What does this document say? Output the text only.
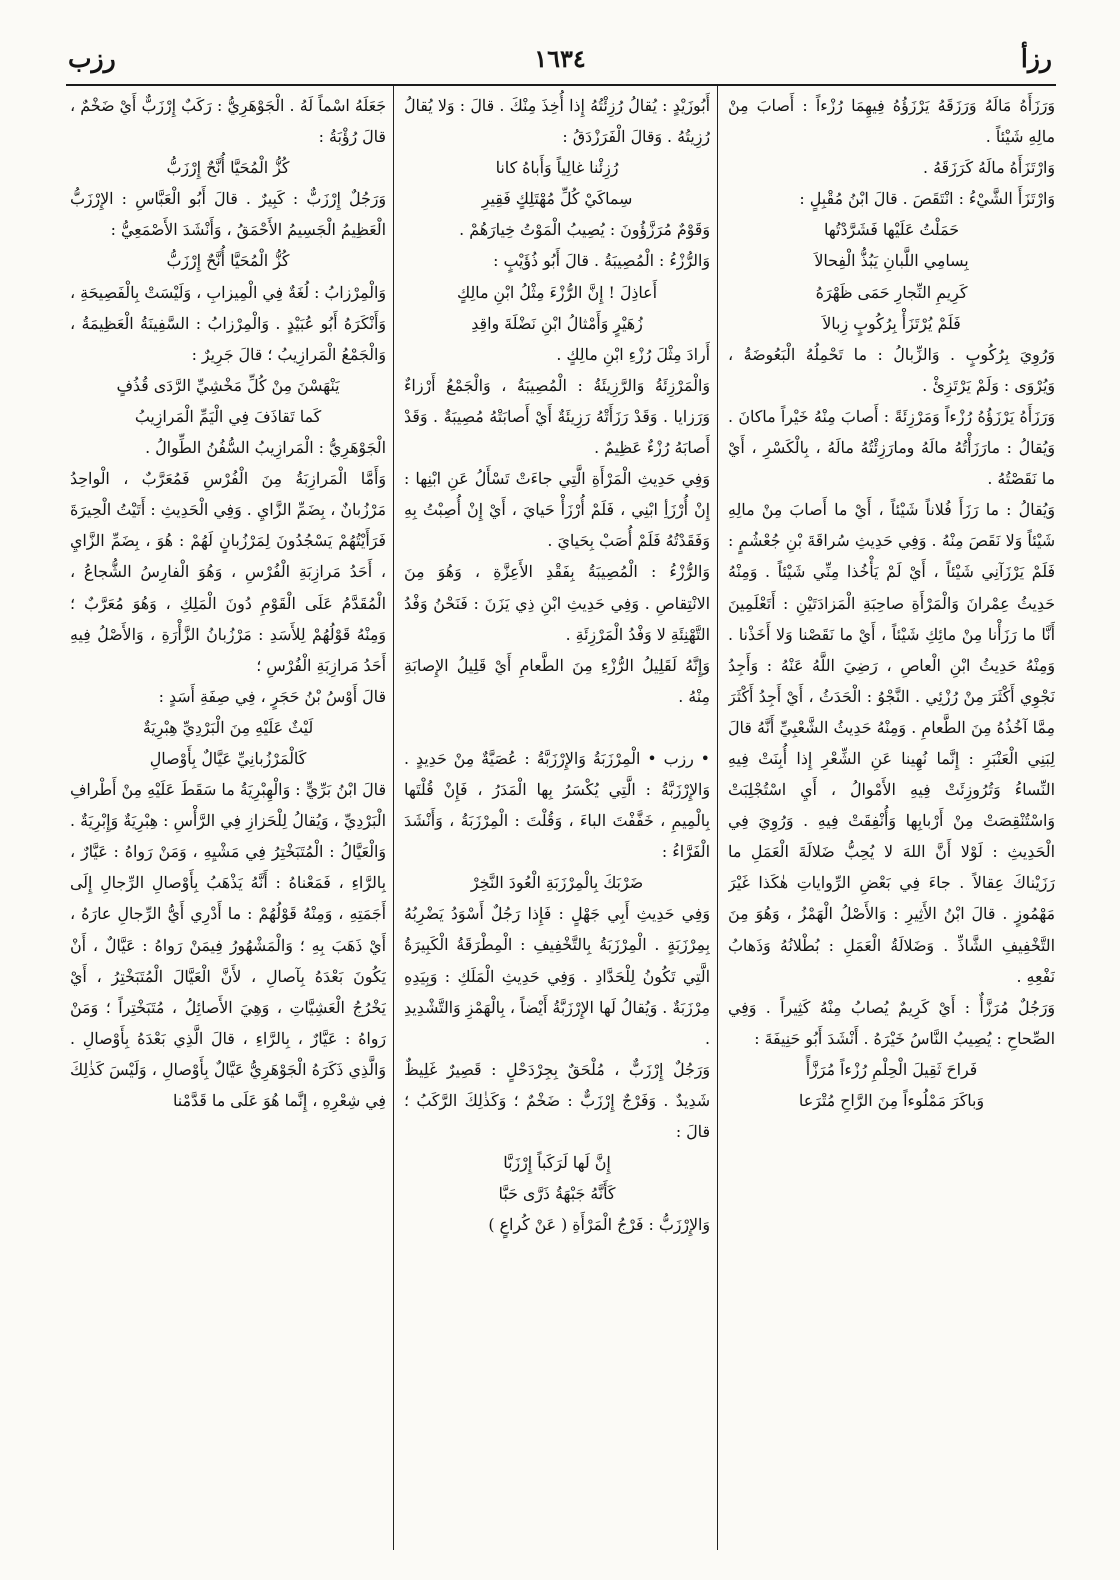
رزأ
١٦٣٤
رزب

وَرَزَأَهُ مَالَهُ وَرَزَقَهُ يَرْزَؤُهُ فِيهِمَا رُزْءاً : أَصابَ مِنْ مالِهِ شَيْئاً .

وَارْتَزَأَهُ مالَهُ كَرَزَقَهُ .

وَارْتَزَأَ الشَّيْءُ : انْتَقَصَ . قالَ ابْنُ مُقْبِلٍ :

حَمَلْتُ عَلَيْها فَشَرَّدْتُها

بِسامِي اللَّبانِ يَبُذُّ الْفِحالاَ

كَرِيمِ النِّجارِ حَمَى ظَهْرَهُ

فَلَمْ يُرْتَزَأْ بِرُكُوبٍ زِبالاَ

وَرُوِيَ بِرُكُوبٍ . وَالزِّبالُ : ما تَحْمِلُهُ الْبَعُوضَةُ ، وَيُرْوَى : وَلَمْ يَرْتَزِئْ .

وَرَزَأَهُ يَرْزَؤُهُ رُزْءاً وَمَرْزِئَةً : أَصابَ مِنْهُ خَيْراً ماكانَ . وَيُقالُ : مارَزَأْتُهُ مالَهُ ومارَزِئْتُهُ مالَهُ ، بِالْكَسْرِ ، أَيْ ما نَقَصْتُهُ .

وَيُقالُ : ما رَزَأَ فُلاناً شَيْئاً ، أَيْ ما أَصابَ مِنْ مالِهِ شَيْئاً وَلا نَقَصَ مِنْهُ . وَفِي حَدِيثِ سُراقَةَ بْنِ جُعْشُمٍ : فَلَمْ يَرْزَآنِي شَيْئاً ، أَيْ لَمْ يَأْخُذا مِنِّي شَيْئاً . وَمِنْهُ حَدِيثُ عِمْرانَ وَالْمَرْأَةِ صاحِبَةِ الْمَزادَتَيْنِ : أَتَعْلَمِينَ أَنَّا ما رَزَأْنا مِنْ مائِكِ شَيْئاً ، أَيْ ما نَقَصْنا وَلا أَخَذْنا . وَمِنْهُ حَدِيثُ ابْنِ الْعاصِ ، رَضِيَ اللَّهُ عَنْهُ : وَأَجِدُ نَجْوِي أَكْثَرَ مِنْ رُزْئِي . النَّجْوُ : الْحَدَثُ ، أَيْ أَجِدُ أَكْثَرَ مِمَّا آخُذُهُ مِنَ الطَّعامِ . وَمِنْهُ حَدِيثُ الشَّعْبِيِّ أَنَّهُ قالَ لِبَنِي الْعَنْبَرِ : إِنَّما نُهِينا عَنِ الشِّعْرِ إِذا أُبِنَتْ فِيهِ النِّساءُ وَتُرُوزِئَتْ فِيهِ الأَمْوالُ ، أَيِ اسْتُجْلِبَتْ وَاسْتُنْقِصَتْ مِنْ أَرْبابِها وَأُنْفِقَتْ فِيهِ . وَرُوِيَ فِي الْحَدِيثِ : لَوْلا أَنَّ اللهَ لا يُحِبُّ ضَلالَةَ الْعَمَلِ ما رَزَيْناكَ عِقالاً . جاءَ فِي بَعْضِ الرِّواياتِ هٰكَذا غَيْرَ مَهْمُوزٍ . قالَ ابْنُ الأَثِيرِ : وَالأَصْلُ الْهَمْزُ ، وَهُوَ مِنَ التَّخْفِيفِ الشَّاذِّ . وَضَلالَةُ الْعَمَلِ : بُطْلانُهُ وَذَهابُ نَفْعِهِ .

وَرَجُلٌ مُرَزَّأٌ : أَيْ كَرِيمٌ يُصابُ مِنْهُ كَثِيراً . وَفِي الصِّحاحِ : يُصِيبُ النَّاسُ خَيْرَهُ . أَنْشَدَ أَبُو حَنِيفَةَ :

فَراحَ ثَقِيلَ الْحِلْمِ رُزْءاً مُرَزَّأً

وَباكَرَ مَمْلُوءاً مِنَ الرَّاحِ مُتْرَعا

أَبُوزَيْدٍ : يُقالُ رُزِئْتُهُ إِذا أُخِذَ مِنْكَ . قالَ : وَلا يُقالُ رُزِيتُهُ . وَقالَ الْفَرَزْدَقُ :

رُزِئْنا غالِياً وَأَباهُ كانا

سِماكَيْ كُلِّ مُهْتَلِكٍ فَقِيرِ

وَقَوْمٌ مُرَزَّؤُونَ : يُصِيبُ الْمَوْتُ خِيارَهُمْ .

وَالرُّزْءُ : الْمُصِيبَةُ . قالَ أَبُو ذُؤَيْبٍ :

أَعاذِلَ ! إِنَّ الرُّزْءَ مِثْلُ ابْنِ مالِكٍ

زُهَيْرٍ وَأَمْثالُ ابْنِ نَضْلَةَ واقِدِ

أَرادَ مِثْلَ رُزْءِ ابْنِ مالِكٍ .

وَالْمَرْزِئَةُ وَالرَّزِيئَةُ : الْمُصِيبَةُ ، وَالْجَمْعُ أَرْزاءٌ وَرَزايا . وَقَدْ رَزَأَتْهُ رَزِيئَةٌ أَيْ أَصابَتْهُ مُصِيبَةٌ . وَقَدْ أَصابَهُ رُزْءٌ عَظِيمٌ .

وَفِي حَدِيثِ الْمَرْأَةِ الَّتِي جاءَتْ تَسْأَلُ عَنِ ابْنِها : إِنْ أُرْزَأِ ابْنِي ، فَلَمْ أُرْزَأْ حَيايَ ، أَيْ إِنْ أُصِبْتُ بِهِ وَفَقَدْتُهُ فَلَمْ أُصَبْ بِحَيايَ .

وَالرُّزْءُ : الْمُصِيبَةُ بِفَقْدِ الأَعِزَّةِ ، وَهُوَ مِنَ الانْتِقاصِ . وَفِي حَدِيثِ ابْنِ ذِي يَزَنَ : فَنَحْنُ وَفْدُ التَّهْنِئَةِ لا وَفْدُ الْمَرْزِئَةِ .

وَإِنَّهُ لَقَلِيلُ الرُّزْءِ مِنَ الطَّعامِ أَيْ قَلِيلُ الإِصابَةِ مِنْهُ .

• رزب • الْمِرْزَبَةُ وَالإِرْزَبَّةُ : عُصَيَّةٌ مِنْ حَدِيدٍ . وَالإِرْزَبَّةُ : الَّتِي يُكْسَرُ بِها الْمَدَرُ ، فَإِنْ قُلْتَها بِالْمِيمِ ، خَفَّفْتَ الباءَ ، وَقُلْتَ : الْمِرْزَبَةُ ، وَأَنْشَدَ الْفَرَّاءُ :

ضَرْبَكَ بِالْمِرْزَبَةِ الْعُودَ النَّخِرْ

وَفِي حَدِيثِ أَبِي جَهْلٍ : فَإِذا رَجُلٌ أَسْوَدُ يَضْرِبُهُ بِمِرْزَبَةٍ . الْمِرْزَبَةُ بِالتَّخْفِيفِ : الْمِطْرَقَةُ الْكَبِيرَةُ الَّتِي تَكُونُ لِلْحَدَّادِ . وَفِي حَدِيثِ الْمَلَكِ : وَبِيَدِهِ مِرْزَبَةٌ . وَيُقالُ لَها الإِرْزَبَّةُ أَيْضاً ، بِالْهَمْزِ وَالتَّشْدِيدِ .

وَرَجُلٌ إِرْزَبٌّ ، مُلْحَقٌ بِجِرْدَحْلٍ : قَصِيرٌ غَلِيظٌ شَدِيدٌ . وَفَرْجٌ إِرْزَبٌّ : ضَخْمٌ ؛ وَكَذٰلِكَ الرَّكَبُ ؛ قالَ :

إِنَّ لَها لَرَكَباً إِرْزَبَّا

كَأَنَّهُ جَبْهَةُ ذَرَّى حَبَّا

وَالإِرْزَبُّ : فَرْجُ الْمَرْأَةِ ( عَنْ كُراعٍ )

جَعَلَهُ اسْماً لَهُ . الْجَوْهَرِيُّ : رَكَبٌ إِرْزَبٌّ أَيْ ضَخْمٌ ، قالَ رُؤْبَةُ :

كُزُّ الْمُحَيَّا أُنَّحٌ إِرْزَبُّ

وَرَجُلٌ إِرْزَبٌّ : كَبِيرٌ . قالَ أَبُو الْعَبَّاسِ : الإِرْزَبُّ الْعَظِيمُ الْجَسِيمُ الأَحْمَقُ ، وَأَنْشَدَ الأَصْمَعِيُّ :

كُزُّ الْمُحَيَّا أُنَّحٌ إِرْزَبُّ

وَالْمِرْزابُ : لُغَةٌ فِي الْمِيزابِ ، وَلَيْسَتْ بِالْفَصِيحَةِ ، وَأَنْكَرَهُ أَبُو عُبَيْدٍ . وَالْمِرْزابُ : السَّفِينَةُ الْعَظِيمَةُ ، وَالْجَمْعُ الْمَرازِيبُ ؛ قالَ جَرِيرٌ :

يَنْهَسْنَ مِنْ كُلِّ مَخْشِيِّ الرَّدَى قُذُفٍ

كَما تَقاذَفَ فِي الْيَمِّ الْمَرازِيبُ

الْجَوْهَرِيُّ : الْمَرازِيبُ السُّفُنُ الطِّوالُ .

وَأَمَّا الْمَرازِبَةُ مِنَ الْفُرْسِ فَمُعَرَّبٌ ، الْواحِدُ مَرْزُبانٌ ، بِضَمِّ الزَّايِ . وَفِي الْحَدِيثِ : أَتَيْتُ الْحِيرَةَ فَرَأَيْتُهُمْ يَسْجُدُونَ لِمَرْزُبانٍ لَهُمْ : هُوَ ، بِضَمِّ الزَّايِ ، أَحَدُ مَرازِبَةِ الْفُرْسِ ، وَهُوَ الْفارِسُ الشُّجاعُ ، الْمُقَدَّمُ عَلَى الْقَوْمِ دُونَ الْمَلِكِ ، وَهُوَ مُعَرَّبٌ ؛ وَمِنْهُ قَوْلُهُمْ لِلأَسَدِ : مَرْزُبانُ الزَّأْرَةِ ، وَالأَصْلُ فِيهِ أَحَدُ مَرازِبَةِ الْفُرْسِ ؛

قالَ أَوْسُ بْنُ حَجَرٍ ، فِي صِفَةِ أَسَدٍ :

لَيْثٌ عَلَيْهِ مِنَ الْبَرْدِيِّ هِبْرِيَةٌ

كَالْمَرْزُبانِيِّ عَيَّالٌ بِأَوْصالِ

قالَ ابْنُ بَرِّيٍّ : وَالْهِبْرِيَةُ ما سَقَطَ عَلَيْهِ مِنْ أَطْرافِ الْبَرْدِيِّ ، وَيُقالُ لِلْحَزازِ فِي الرَّأْسِ : هِبْرِيَةٌ وَإِبْرِيَةٌ . وَالْعَيَّالُ : الْمُتَبَخْتِرُ فِي مَشْيِهِ ، وَمَنْ رَواهُ : عَيَّارٌ ، بِالرَّاءِ ، فَمَعْناهُ : أَنَّهُ يَذْهَبُ بِأَوْصالِ الرِّجالِ إِلَى أَجَمَتِهِ ، وَمِنْهُ قَوْلُهُمْ : ما أَدْرِي أَيُّ الرِّجالِ عارَهُ ، أَيْ ذَهَبَ بِهِ ؛ وَالْمَشْهُورُ فِيمَنْ رَواهُ : عَيَّالٌ ، أَنْ يَكُونَ بَعْدَهُ بِآصالِ ، لأَنَّ الْعَيَّالَ الْمُتَبَخْتِرُ ، أَيْ يَخْرُجُ الْعَشِيَّاتِ ، وَهِيَ الأَصائِلُ ، مُتَبَخْتِراً ؛ وَمَنْ رَواهُ : عَيَّارٌ ، بِالرَّاءِ ، قالَ الَّذِي بَعْدَهُ بِأَوْصالِ . وَالَّذِي ذَكَرَهُ الْجَوْهَرِيُّ عَيَّالٌ بِأَوْصالِ ، وَلَيْسَ كَذٰلِكَ فِي شِعْرِهِ ، إِنَّما هُوَ عَلَى ما قَدَّمْنا
